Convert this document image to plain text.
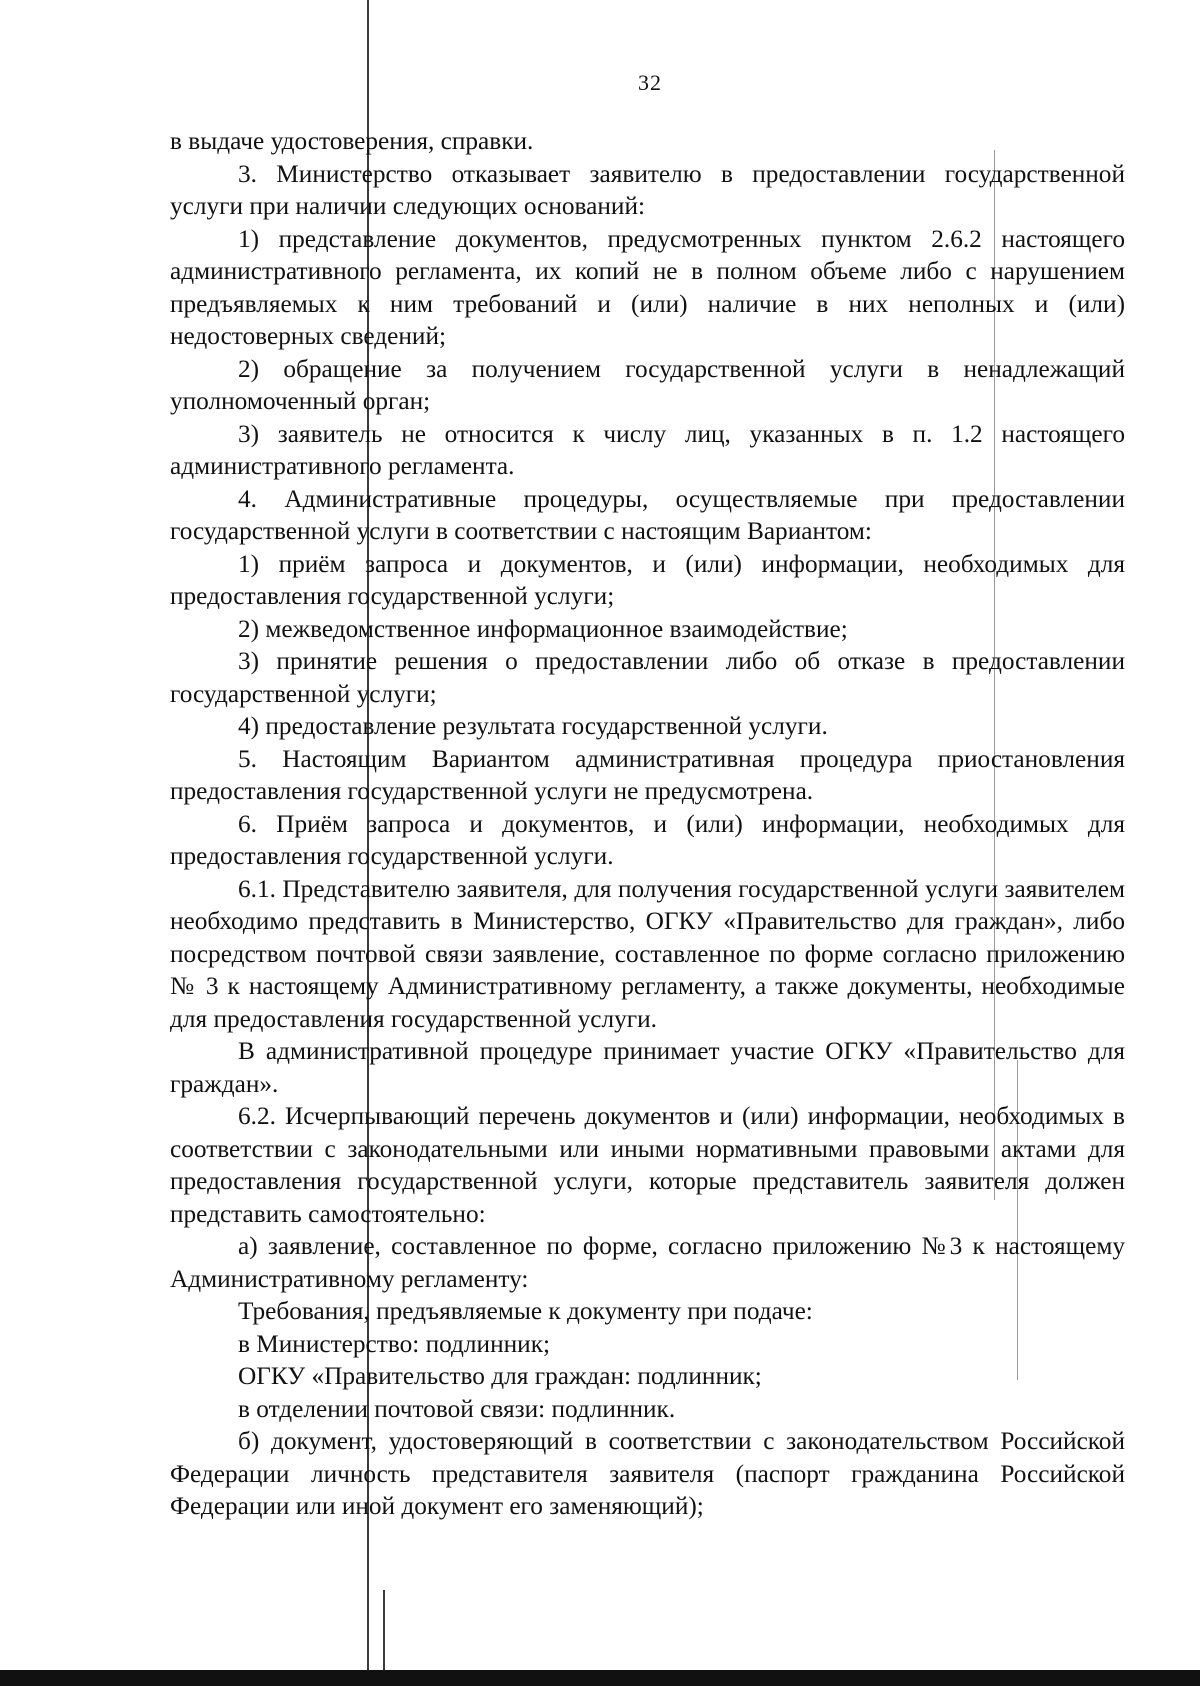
32

в выдаче удостоверения, справки.

3. Министерство отказывает заявителю в предоставлении государственной услуги при наличии следующих оснований:

1) представление документов, предусмотренных пунктом 2.6.2 настоящего административного регламента, их копий не в полном объеме либо с нарушением предъявляемых к ним требований и (или) наличие в них неполных и (или) недостоверных сведений;

2) обращение за получением государственной услуги в ненадлежащий уполномоченный орган;

3) заявитель не относится к числу лиц, указанных в п. 1.2 настоящего административного регламента.

4. Административные процедуры, осуществляемые при предоставлении государственной услуги в соответствии с настоящим Вариантом:

1) приём запроса и документов, и (или) информации, необходимых для предоставления государственной услуги;

2) межведомственное информационное взаимодействие;

3) принятие решения о предоставлении либо об отказе в предоставлении государственной услуги;

4) предоставление результата государственной услуги.

5. Настоящим Вариантом административная процедура приостановления предоставления государственной услуги не предусмотрена.

6. Приём запроса и документов, и (или) информации, необходимых для предоставления государственной услуги.

6.1. Представителю заявителя, для получения государственной услуги заявителем необходимо представить в Министерство, ОГКУ «Правительство для граждан», либо посредством почтовой связи заявление, составленное по форме согласно приложению № 3 к настоящему Административному регламенту, а также документы, необходимые для предоставления государственной услуги.

В административной процедуре принимает участие ОГКУ «Правительство для граждан».

6.2. Исчерпывающий перечень документов и (или) информации, необходимых в соответствии с законодательными или иными нормативными правовыми актами для предоставления государственной услуги, которые представитель заявителя должен представить самостоятельно:

а) заявление, составленное по форме, согласно приложению №3 к настоящему Административному регламенту:

Требования, предъявляемые к документу при подаче:

в Министерство: подлинник;

ОГКУ «Правительство для граждан: подлинник;

в отделении почтовой связи: подлинник.

б) документ, удостоверяющий в соответствии с законодательством Российской Федерации личность представителя заявителя (паспорт гражданина Российской Федерации или иной документ его заменяющий);
